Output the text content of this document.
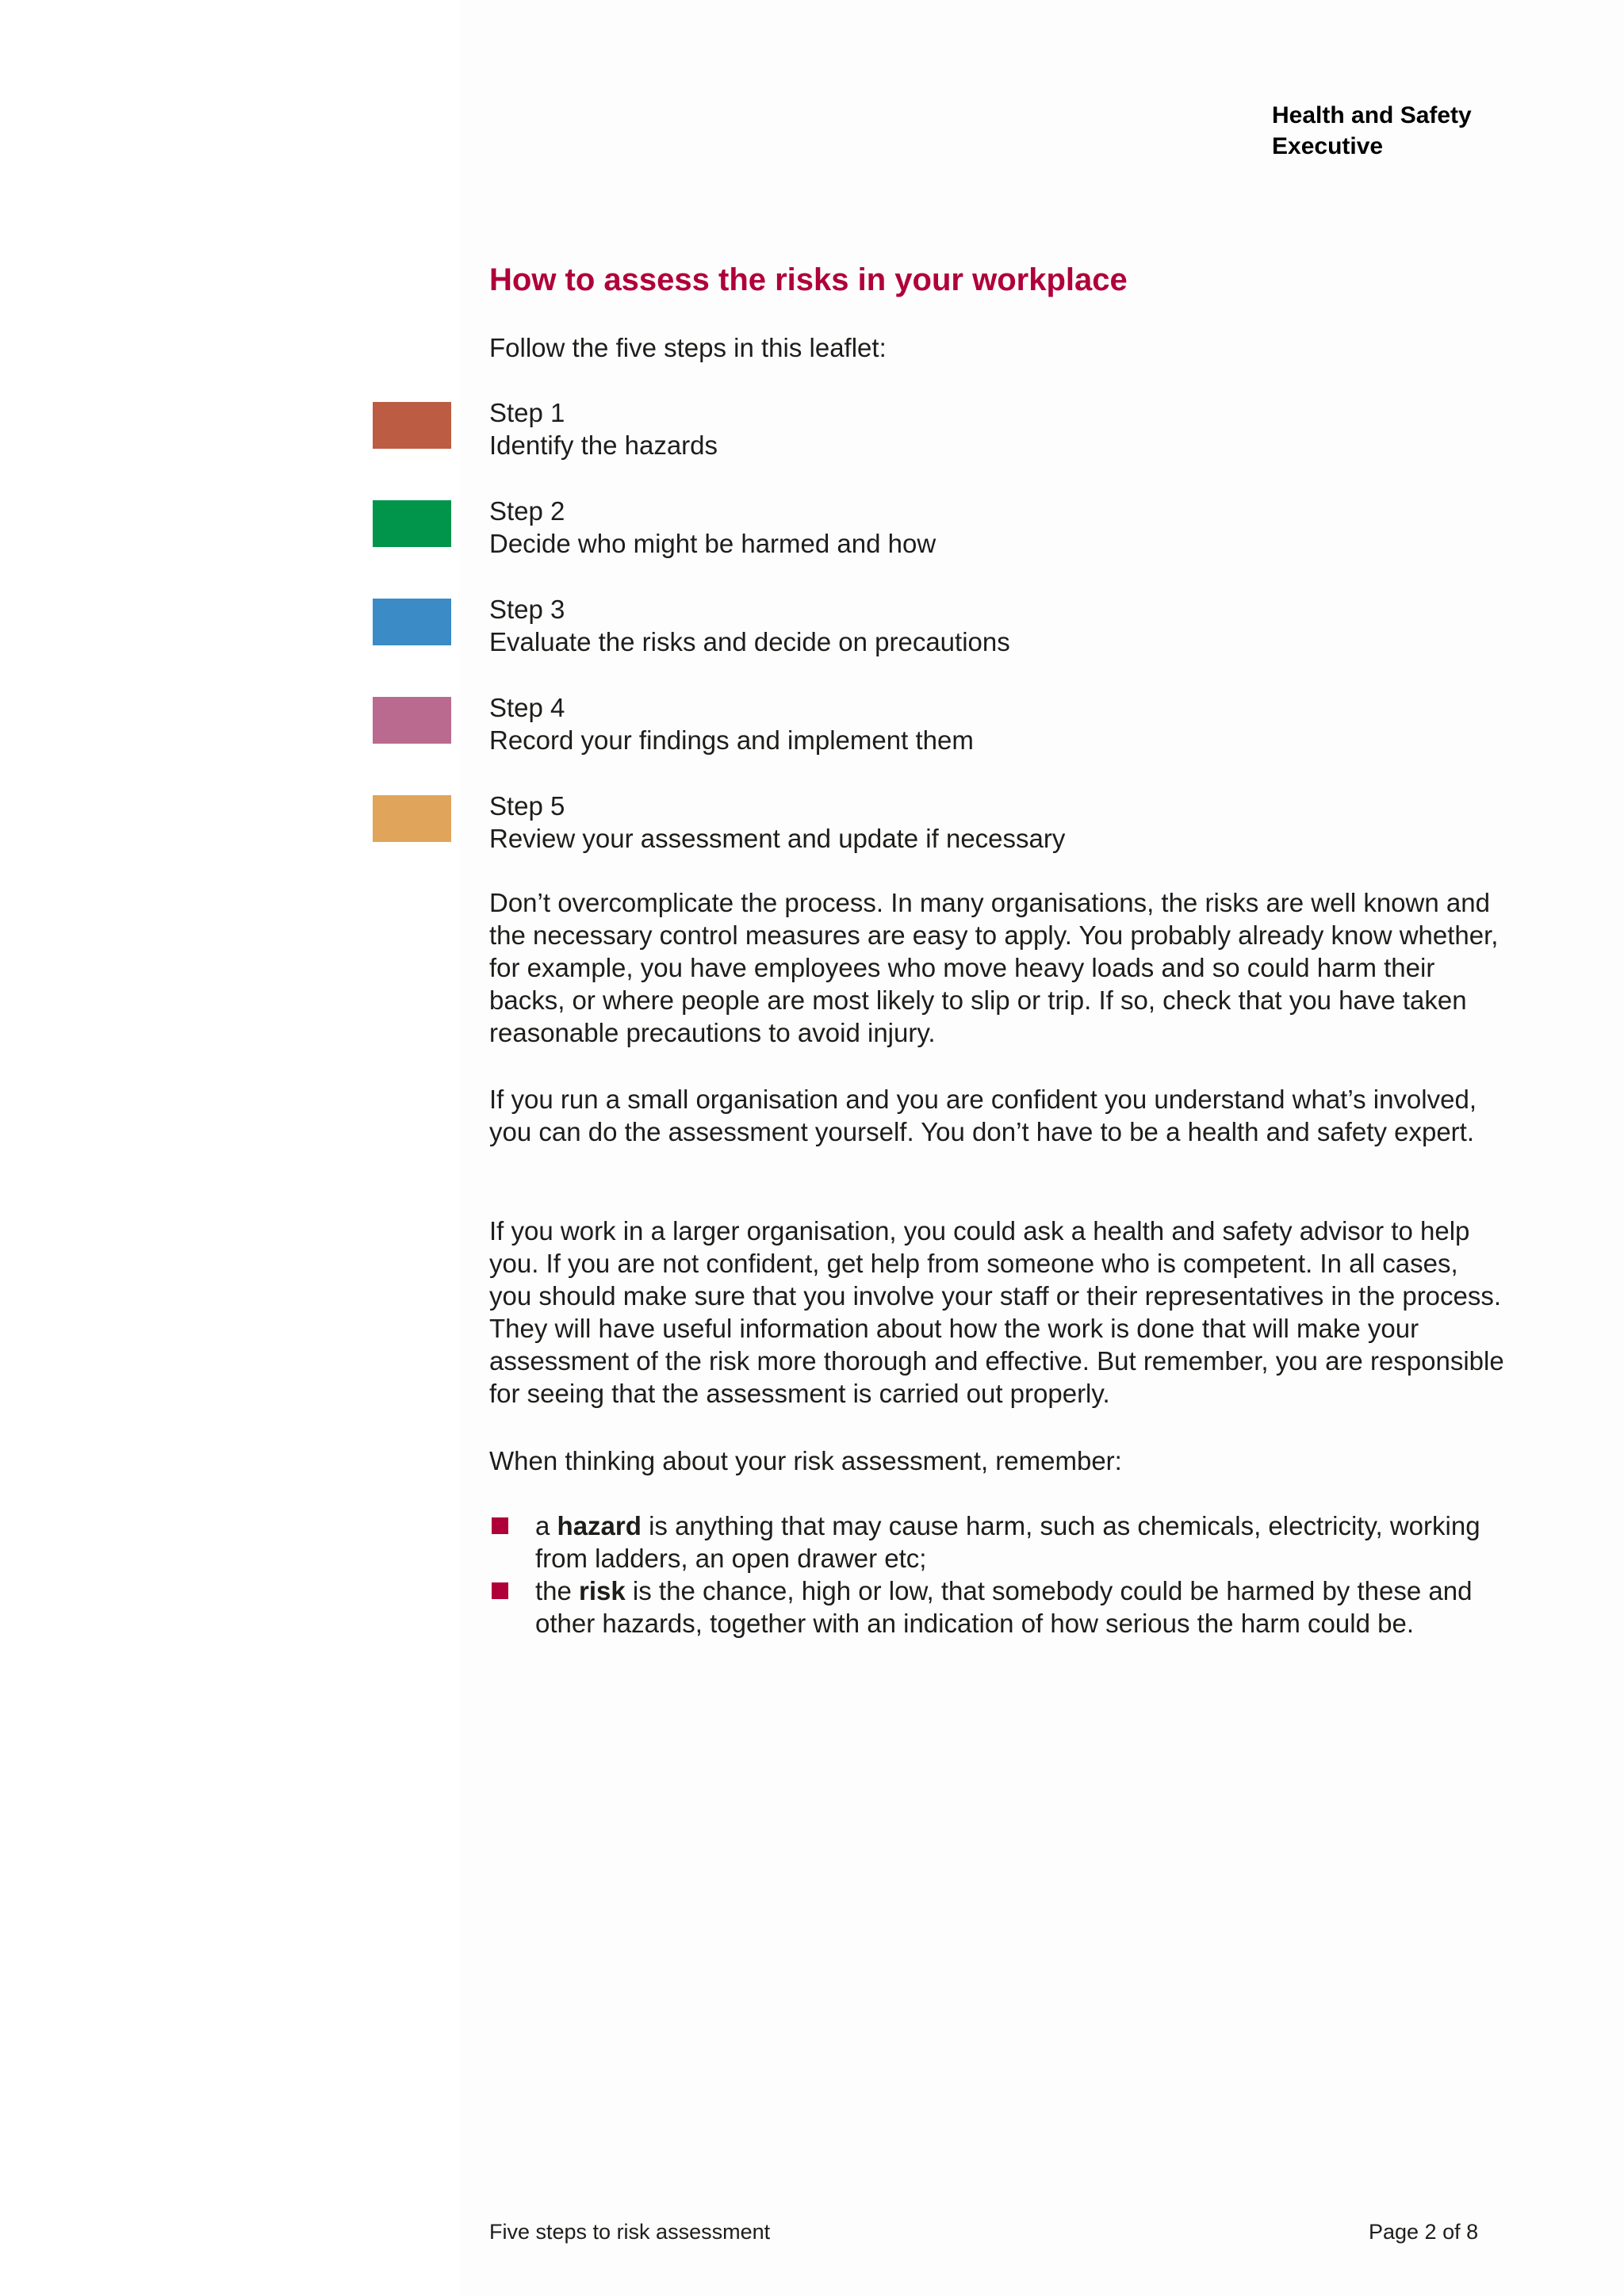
Health and Safety
Executive
How to assess the risks in your workplace
Follow the five steps in this leaflet:
Step 1
Identify the hazards
Step 2
Decide who might be harmed and how
Step 3
Evaluate the risks and decide on precautions
Step 4
Record your findings and implement them
Step 5
Review your assessment and update if necessary

Don’t overcomplicate the process. In many organisations, the risks are well known and the necessary control measures are easy to apply. You probably already know whether, for example, you have employees who move heavy loads and so could harm their backs, or where people are most likely to slip or trip. If so, check that you have taken reasonable precautions to avoid injury.

If you run a small organisation and you are confident you understand what’s involved, you can do the assessment yourself. You don’t have to be a health and safety expert.

If you work in a larger organisation, you could ask a health and safety advisor to help you. If you are not confident, get help from someone who is competent. In all cases, you should make sure that you involve your staff or their representatives in the process. They will have useful information about how the work is done that will make your assessment of the risk more thorough and effective. But remember, you are responsible for seeing that the assessment is carried out properly.

When thinking about your risk assessment, remember:

a hazard is anything that may cause harm, such as chemicals, electricity, working from ladders, an open drawer etc;
the risk is the chance, high or low, that somebody could be harmed by these and other hazards, together with an indication of how serious the harm could be.
Five steps to risk assessment	Page 2 of 8
